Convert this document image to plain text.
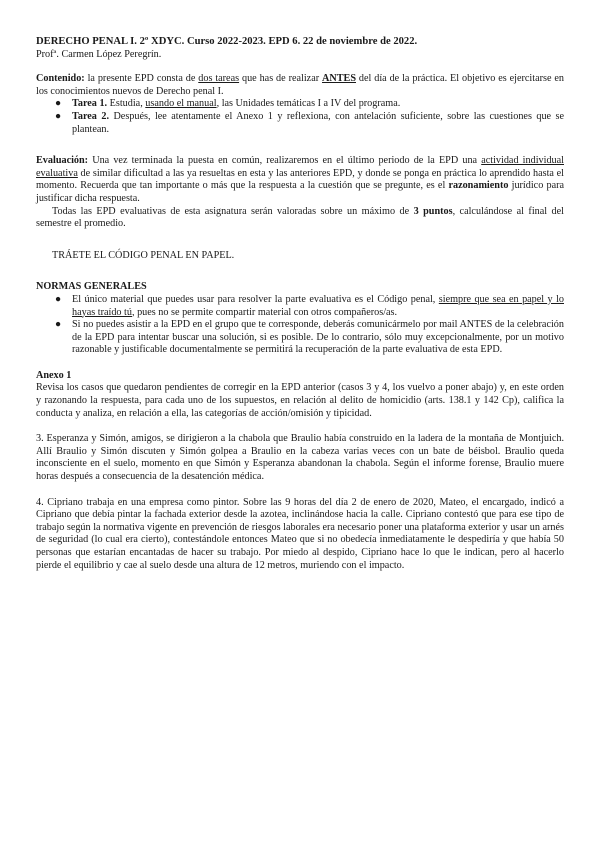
DERECHO PENAL I. 2º XDYC. Curso 2022-2023. EPD 6. 22 de noviembre de 2022.

Profª. Carmen López Peregrín.

Contenido: la presente EPD consta de dos tareas que has de realizar ANTES del día de la práctica. El objetivo es ejercitarse en los conocimientos nuevos de Derecho penal I.

● Tarea 1. Estudia, usando el manual, las Unidades temáticas I a IV del programa.
● Tarea 2. Después, lee atentamente el Anexo 1 y reflexiona, con antelación suficiente, sobre las cuestiones que se plantean.

Evaluación: Una vez terminada la puesta en común, realizaremos en el último periodo de la EPD una actividad individual evaluativa de similar dificultad a las ya resueltas en esta y las anteriores EPD, y donde se ponga en práctica lo aprendido hasta el momento. Recuerda que tan importante o más que la respuesta a la cuestión que se pregunte, es el razonamiento jurídico para justificar dicha respuesta.

Todas las EPD evaluativas de esta asignatura serán valoradas sobre un máximo de 3 puntos, calculándose al final del semestre el promedio.

TRÁETE EL CÓDIGO PENAL EN PAPEL.

NORMAS GENERALES

● El único material que puedes usar para resolver la parte evaluativa es el Código penal, siempre que sea en papel y lo hayas traído tú, pues no se permite compartir material con otros compañeros/as.
● Si no puedes asistir a la EPD en el grupo que te corresponde, deberás comunicármelo por mail ANTES de la celebración de la EPD para intentar buscar una solución, si es posible. De lo contrario, sólo muy excepcionalmente, por un motivo razonable y justificable documentalmente se permitirá la recuperación de la parte evaluativa de esta EPD.

Anexo 1

Revisa los casos que quedaron pendientes de corregir en la EPD anterior (casos 3 y 4, los vuelvo a poner abajo) y, en este orden y razonando la respuesta, para cada uno de los supuestos, en relación al delito de homicidio (arts. 138.1 y 142 Cp), califica la conducta y analiza, en relación a ella, las categorías de acción/omisión y tipicidad.

3. Esperanza y Simón, amigos, se dirigieron a la chabola que Braulio había construido en la ladera de la montaña de Montjuich. Allí Braulio y Simón discuten y Simón golpea a Braulio en la cabeza varias veces con un bate de béisbol. Braulio queda inconsciente en el suelo, momento en que Simón y Esperanza abandonan la chabola. Según el informe forense, Braulio muere horas después a consecuencia de la desatención médica.

4. Cipriano trabaja en una empresa como pintor. Sobre las 9 horas del día 2 de enero de 2020, Mateo, el encargado, indicó a Cipriano que debía pintar la fachada exterior desde la azotea, inclinándose hacia la calle. Cipriano contestó que para ese tipo de trabajo según la normativa vigente en prevención de riesgos laborales era necesario poner una plataforma exterior y usar un arnés de seguridad (lo cual era cierto), contestándole entonces Mateo que si no obedecía inmediatamente le despediría y que había 50 personas que estarían encantadas de hacer su trabajo. Por miedo al despido, Cipriano hace lo que le indican, pero al hacerlo pierde el equilibrio y cae al suelo desde una altura de 12 metros, muriendo con el impacto.
